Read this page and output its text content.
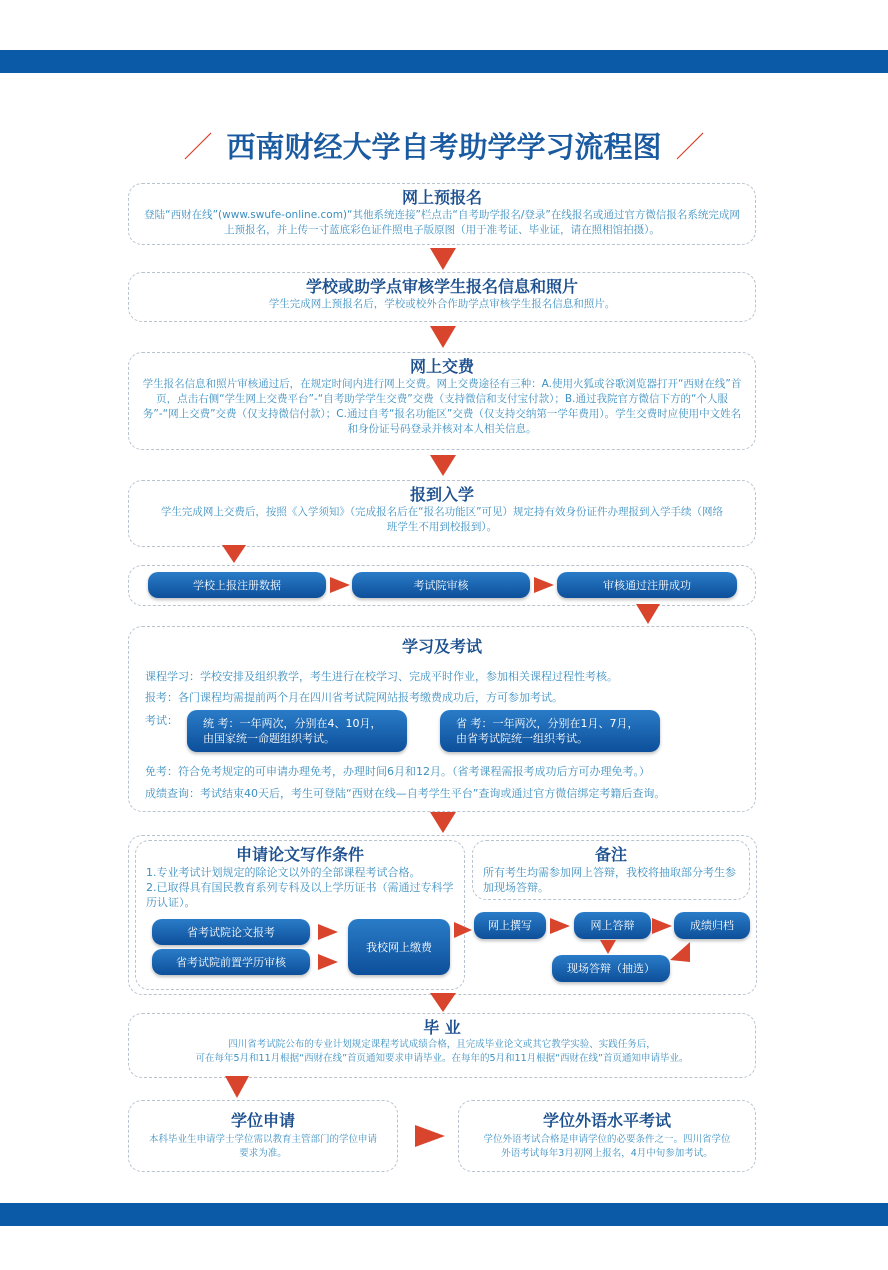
／ 西南财经大学自考助学学习流程图 ／
网上预报名

登陆“西财在线”(www.swufe-online.com)“其他系统连接”栏点击“自考助学报名/登录”在线报名或通过官方微信报名系统完成网上预报名，并上传一寸蓝底彩色证件照电子版原图（用于准考证、毕业证，请在照相馆拍摄）。

学校或助学点审核学生报名信息和照片

学生完成网上预报名后，学校或校外合作助学点审核学生报名信息和照片。

网上交费

学生报名信息和照片审核通过后，在规定时间内进行网上交费。网上交费途径有三种：A.使用火狐或谷歌浏览器打开“西财在线”首页，点击右侧“学生网上交费平台”-“自考助学学生交费”交费（支持微信和支付宝付款）；B.通过我院官方微信下方的“个人服务”-“网上交费”交费（仅支持微信付款）；C.通过自考“报名功能区”交费（仅支持交纳第一学年费用）。学生交费时应使用中文姓名和身份证号码登录并核对本人相关信息。

报到入学

学生完成网上交费后，按照《入学须知》（完成报名后在“报名功能区”可见）规定持有效身份证件办理报到入学手续（网络班学生不用到校报到）。

学校上报注册数据	考试院审核	审核通过注册成功
学习及考试
课程学习：学校安排及组织教学，考生进行在校学习、完成平时作业，参加相关课程过程性考核。
报考：各门课程均需提前两个月在四川省考试院网站报考缴费成功后，方可参加考试。
考试：	统 考：一年两次，分别在4、10月，由国家统一命题组织考试。
省 考：一年两次，分别在1月、7月，由省考试院统一组织考试。
免考：符合免考规定的可申请办理免考，办理时间6月和12月。（省考课程需报考成功后方可办理免考。）
成绩查询：考试结束40天后，考生可登陆“西财在线—自考学生平台”查询或通过官方微信绑定考籍后查询。
申请论文写作条件

1.专业考试计划规定的除论文以外的全部课程考试合格。

2.已取得具有国民教育系列专科及以上学历证书（需通过专科学历认证）。

省考试院论文报考
省考试院前置学历审核
我校网上缴费
备注

所有考生均需参加网上答辩，我校将抽取部分考生参加现场答辩。

网上撰写	网上答辩	成绩归档
现场答辩（抽选）
毕 业

四川省考试院公布的专业计划规定课程考试成绩合格，且完成毕业论文或其它教学实验、实践任务后，

可在每年5月和11月根据“西财在线”首页通知要求申请毕业。在每年的5月和11月根据“西财在线”首页通知申请毕业。

学位申请

本科毕业生申请学士学位需以教育主管部门的学位申请要求为准。

学位外语水平考试

学位外语考试合格是申请学位的必要条件之一。四川省学位外语考试每年3月初网上报名，4月中旬参加考试。
